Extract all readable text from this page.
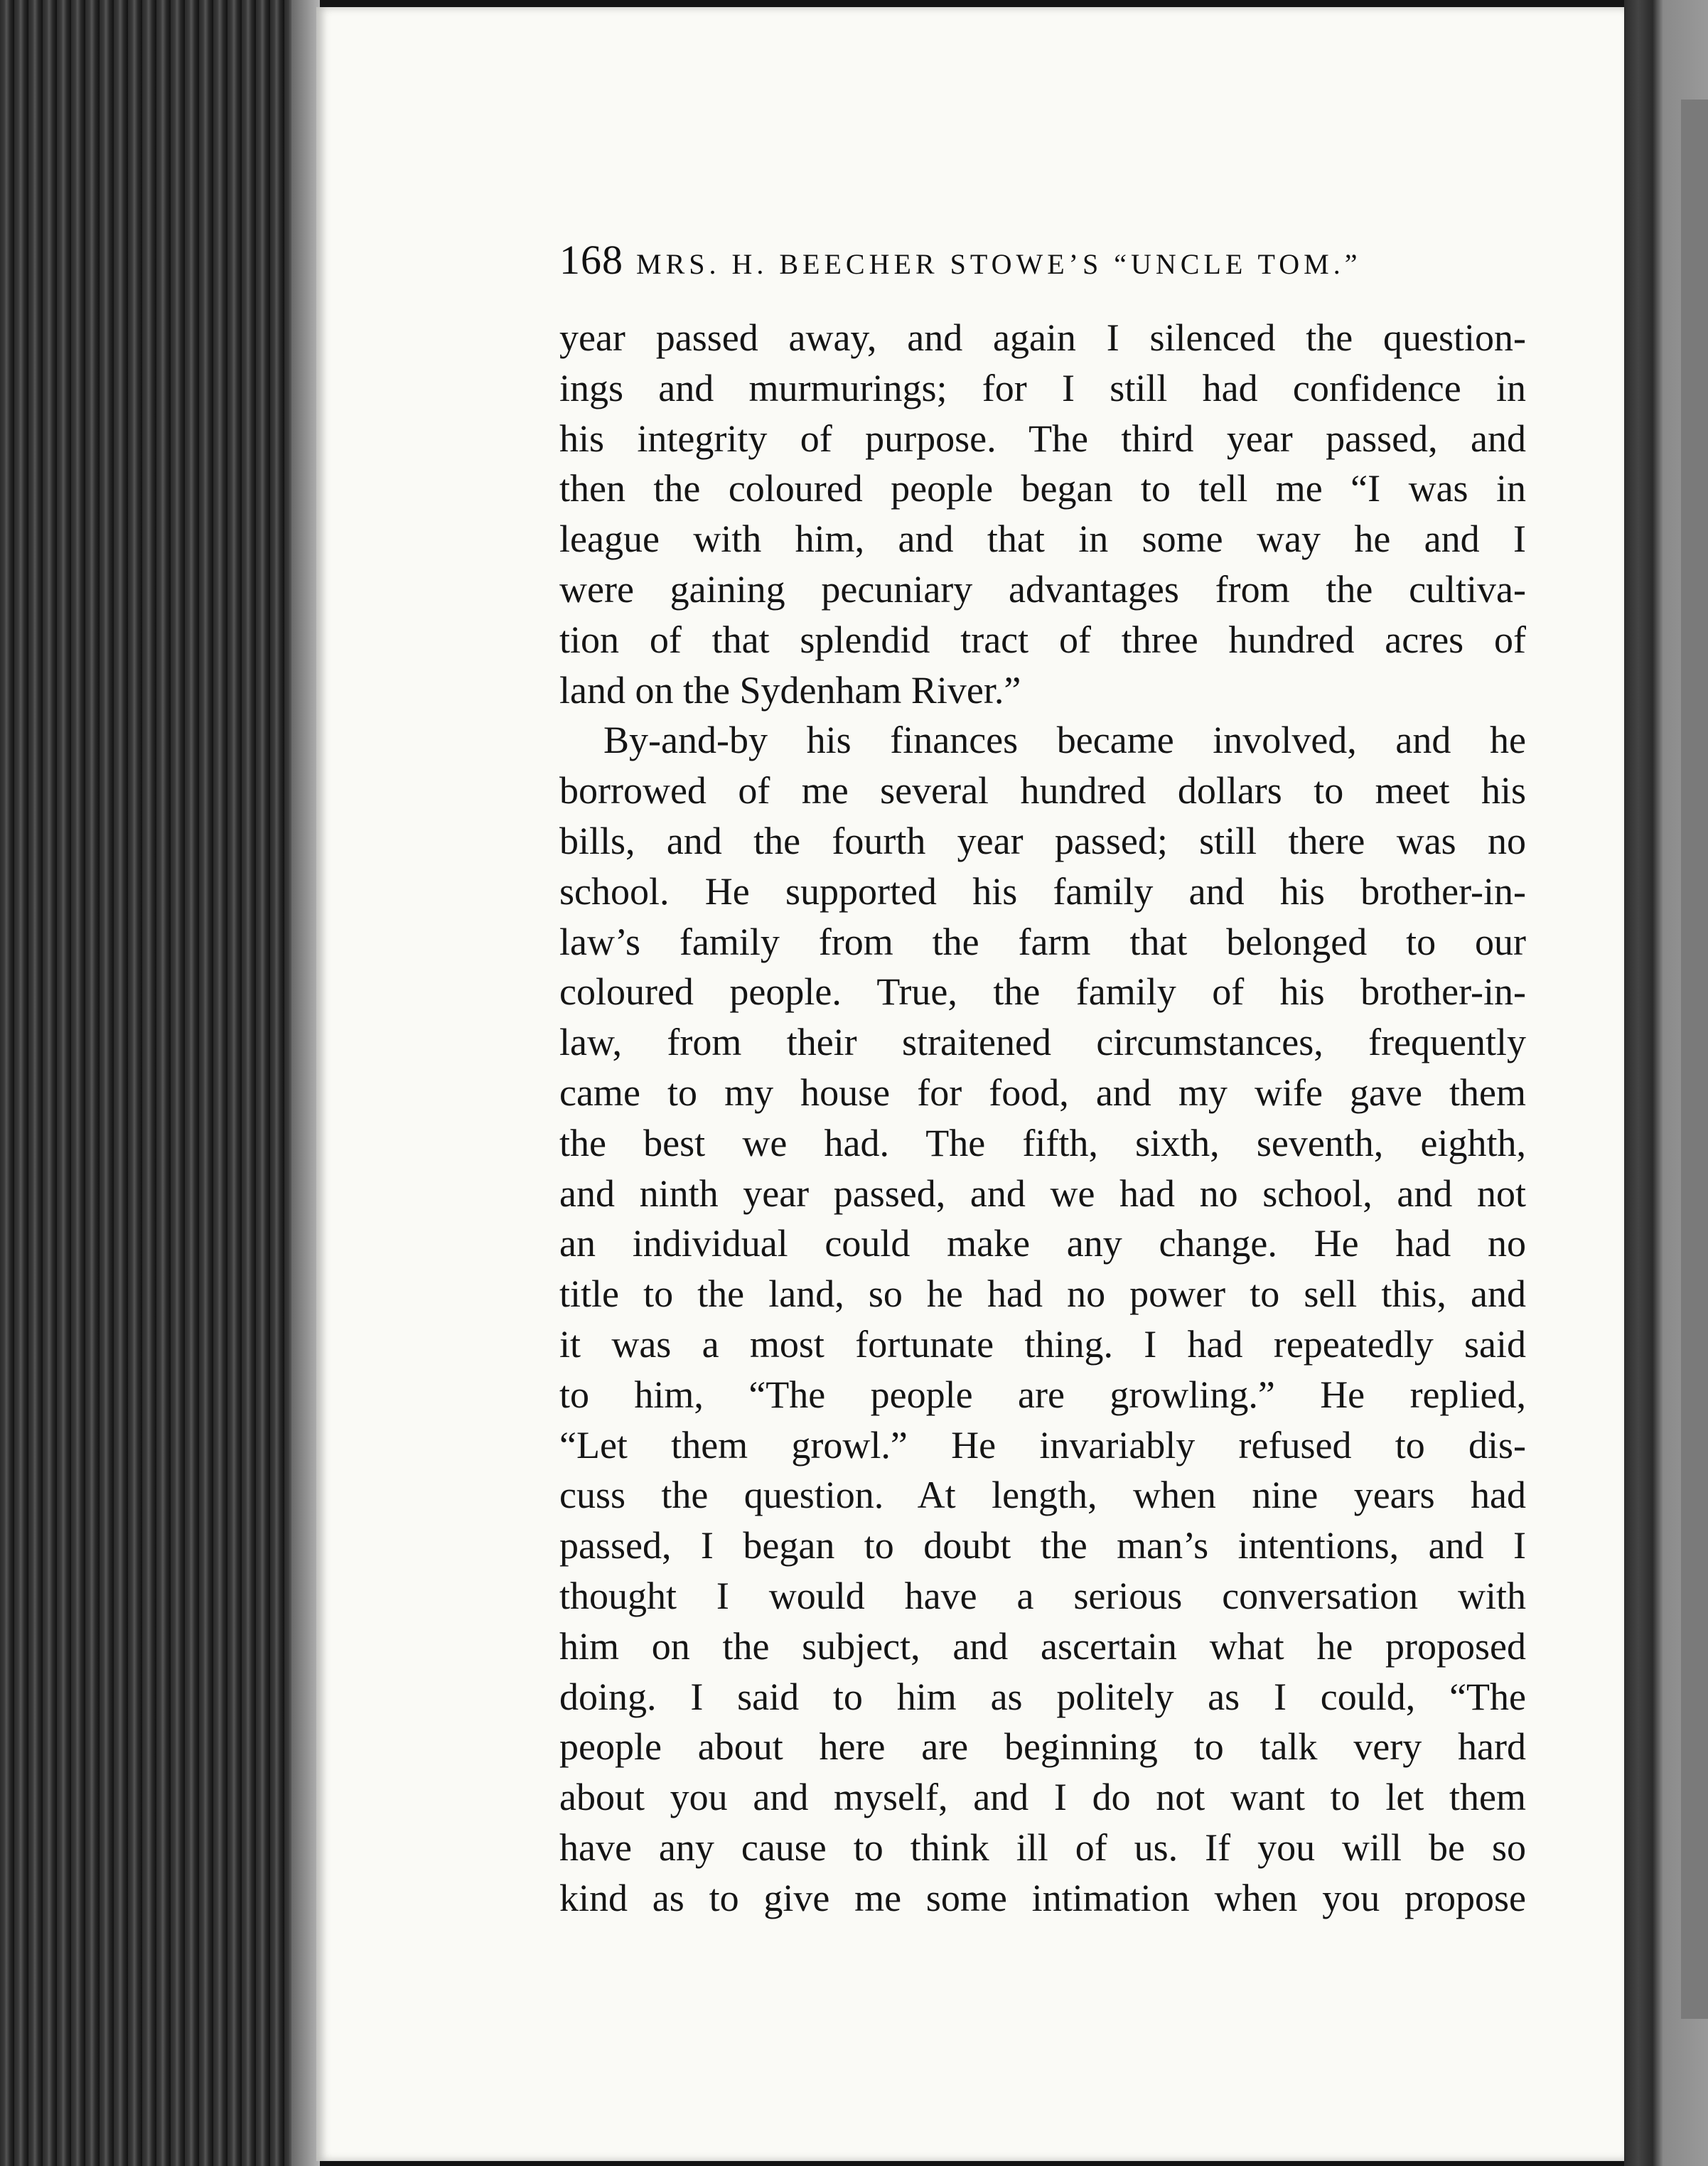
168 MRS. H. BEECHER STOWE’S “UNCLE TOM.”
year passed away, and again I silenced the question-
ings and murmurings; for I still had confidence in
his integrity of purpose. The third year passed, and
then the coloured people began to tell me “I was in
league with him, and that in some way he and I
were gaining pecuniary advantages from the cultiva-
tion of that splendid tract of three hundred acres of
land on the Sydenham River.”
By-and-by his finances became involved, and he
borrowed of me several hundred dollars to meet his
bills, and the fourth year passed; still there was no
school. He supported his family and his brother-in-
law’s family from the farm that belonged to our
coloured people. True, the family of his brother-in-
law, from their straitened circumstances, frequently
came to my house for food, and my wife gave them
the best we had. The fifth, sixth, seventh, eighth,
and ninth year passed, and we had no school, and not
an individual could make any change. He had no
title to the land, so he had no power to sell this, and
it was a most fortunate thing. I had repeatedly said
to him, “The people are growling.” He replied,
“Let them growl.” He invariably refused to dis-
cuss the question. At length, when nine years had
passed, I began to doubt the man’s intentions, and I
thought I would have a serious conversation with
him on the subject, and ascertain what he proposed
doing. I said to him as politely as I could, “The
people about here are beginning to talk very hard
about you and myself, and I do not want to let them
have any cause to think ill of us. If you will be so
kind as to give me some intimation when you propose
